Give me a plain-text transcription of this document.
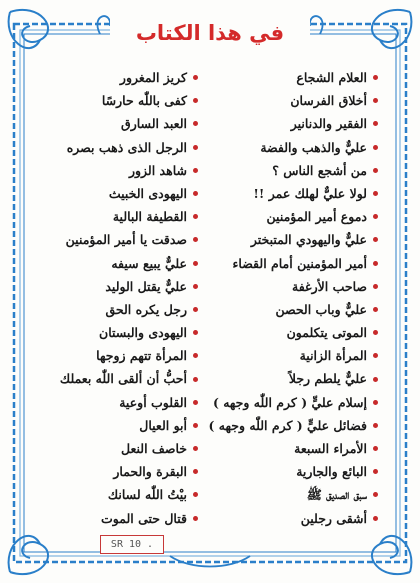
في هذا الكتاب
العلام الشجاع
أخلاق الفرسان
الفقير والدنانير
عليٌّ والذهب والفضة
من أشجع الناس ؟
لولا عليٌّ لهلك عمر !!
دموع أمير المؤمنين
عليٌّ واليهودي المتبختر
أمير المؤمنين أمام القضاء
صاحب الأرغفة
عليٌّ وباب الحصن
الموتى يتكلمون
المرأة الزانية
عليٌّ يلطم رجلاً
إسلام عليٍّ ( كرم اللّٰه وجهه )
فضائل عليٍّ ( كرم اللّٰه وجهه )
الأمراء السبعة
البائع والجارية
سبق الصديق ﷺ
أشقى رجلين
كريز المغرور
كفى باللّٰه حارسًا
العبد السارق
الرجل الذى ذهب بصره
شاهد الزور
اليهودى الخبيث
القطيفة البالية
صدقت يا أمير المؤمنين
عليٌّ يبيع سيفه
عليٌّ يقتل الوليد
رجل يكره الحق
اليهودى والبستان
المرأة تتهم زوجها
أحبُّ أن ألقى اللّٰه بعملك
القلوب أوعية
أبو العيال
خاصف النعل
البقرة والحمار
بيْتُ اللّٰه لسانك
قتال حتى الموت
SR 10 .
